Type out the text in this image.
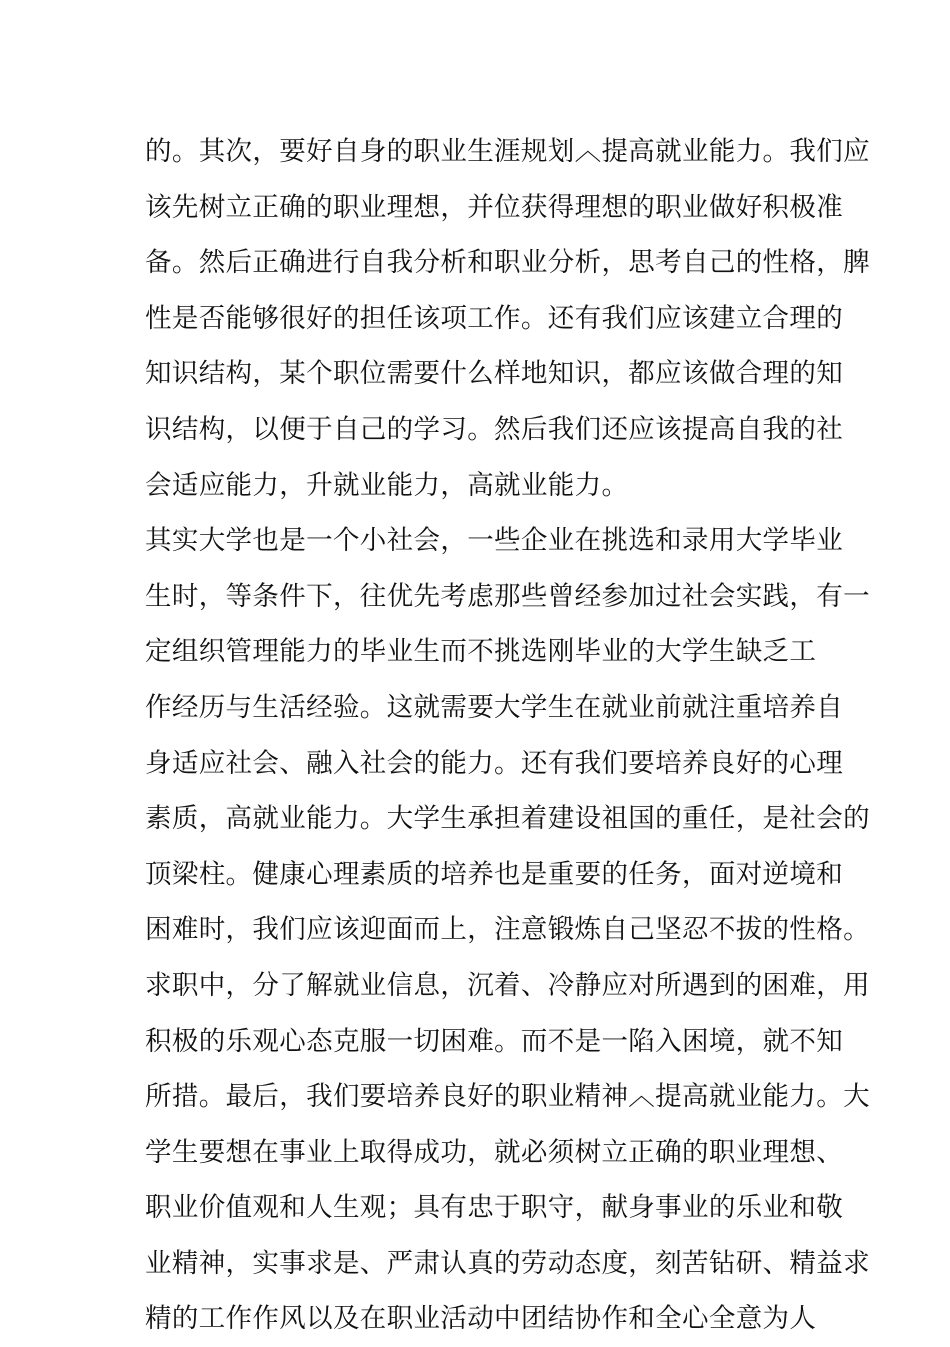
的。其次，要好自身的职业生涯规划︿提高就业能力。我们应
该先树立正确的职业理想，并位获得理想的职业做好积极准
备。然后正确进行自我分析和职业分析，思考自己的性格，脾
性是否能够很好的担任该项工作。还有我们应该建立合理的
知识结构，某个职位需要什么样地知识，都应该做合理的知
识结构，以便于自己的学习。然后我们还应该提高自我的社
会适应能力，升就业能力，高就业能力。
其实大学也是一个小社会，一些企业在挑选和录用大学毕业
生时，等条件下，往优先考虑那些曾经参加过社会实践，有一
定组织管理能力的毕业生而不挑选刚毕业的大学生缺乏工
作经历与生活经验。这就需要大学生在就业前就注重培养自
身适应社会、融入社会的能力。还有我们要培养良好的心理
素质，高就业能力。大学生承担着建设祖国的重任，是社会的
顶梁柱。健康心理素质的培养也是重要的任务，面对逆境和
困难时，我们应该迎面而上，注意锻炼自己坚忍不拔的性格。
求职中，分了解就业信息，沉着、冷静应对所遇到的困难，用
积极的乐观心态克服一切困难。而不是一陷入困境，就不知
所措。最后，我们要培养良好的职业精神︿提高就业能力。大
学生要想在事业上取得成功，就必须树立正确的职业理想、
职业价值观和人生观；具有忠于职守，献身事业的乐业和敬
业精神，实事求是、严肃认真的劳动态度，刻苦钻研、精益求
精的工作作风以及在职业活动中团结协作和全心全意为人
